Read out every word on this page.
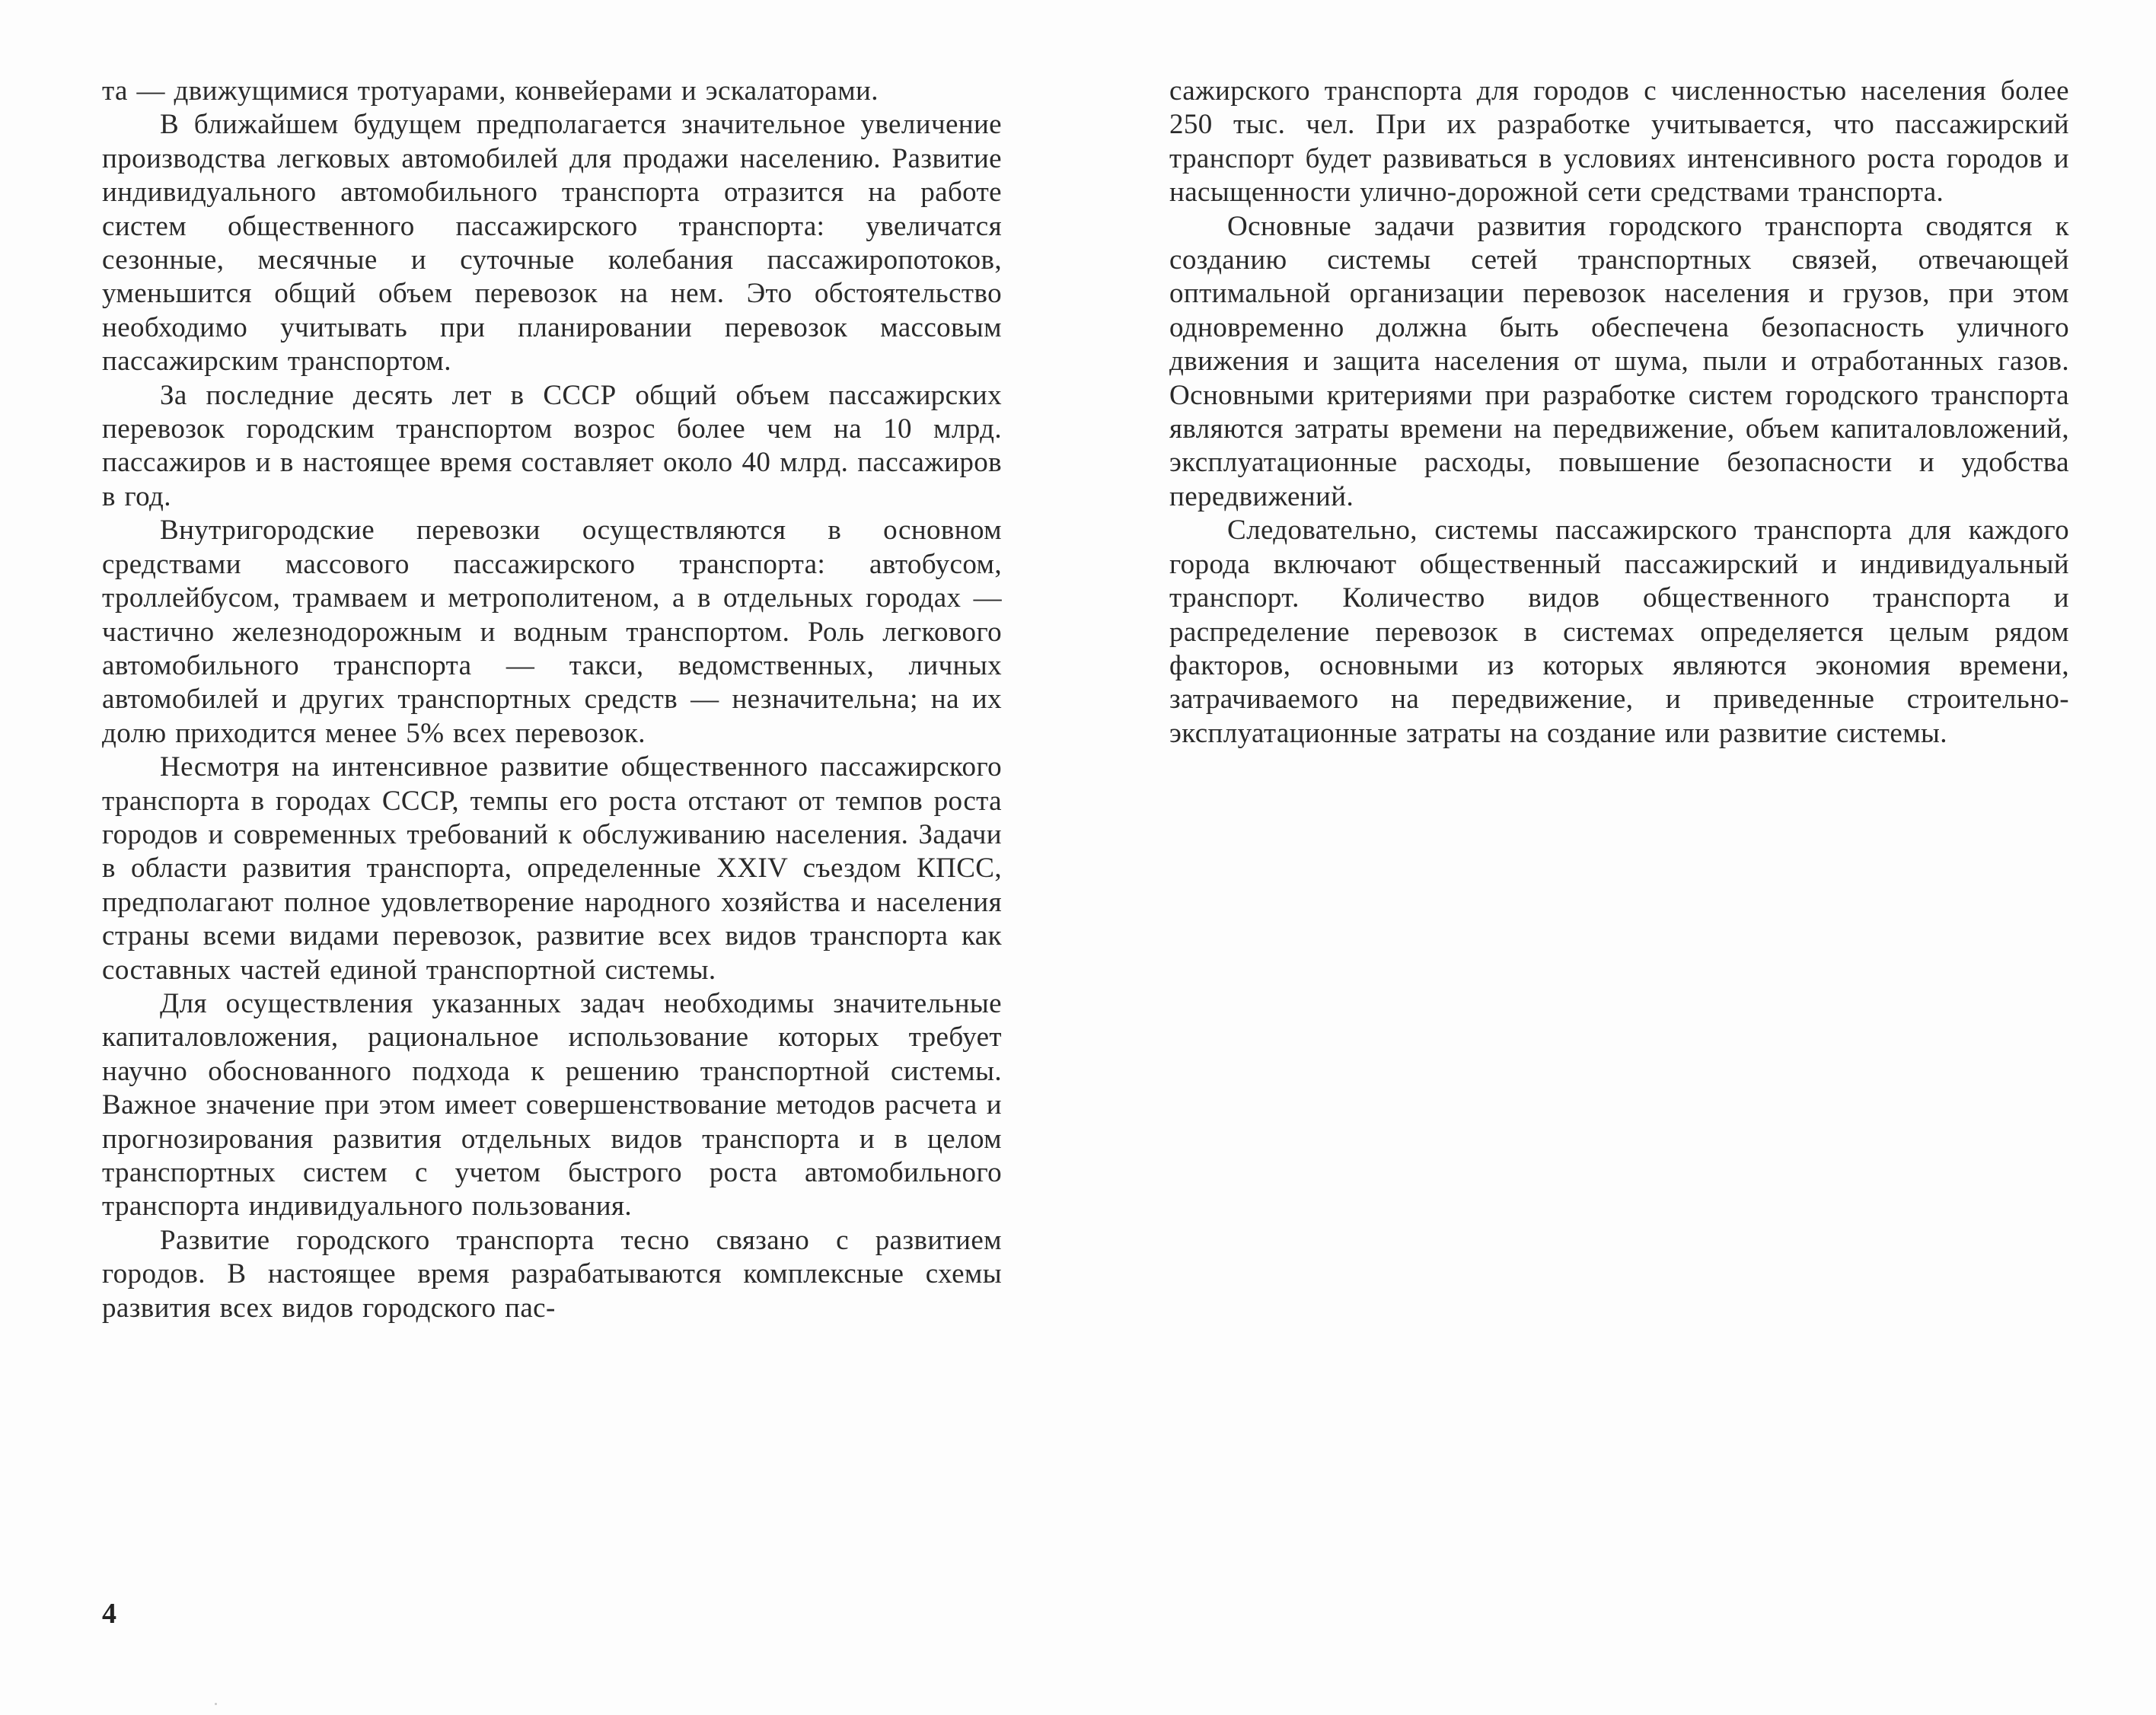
та — движущимися тротуарами, конвейерами и эскалаторами.

В ближайшем будущем предполагается значительное увеличение производства легковых автомобилей для продажи населению. Развитие индивидуального автомобильного транспорта отразится на работе систем общественного пассажирского транспорта: увеличатся сезонные, месячные и суточные колебания пассажиропотоков, уменьшится общий объем перевозок на нем. Это обстоятельство необходимо учитывать при планировании перевозок массовым пассажирским транспортом.

За последние десять лет в СССР общий объем пассажирских перевозок городским транспортом возрос более чем на 10 млрд. пассажиров и в настоящее время составляет около 40 млрд. пассажиров в год.

Внутригородские перевозки осуществляются в основном средствами массового пассажирского транспорта: автобусом, троллейбусом, трамваем и метрополитеном, а в отдельных городах — частично железнодорожным и водным транспортом. Роль легкового автомобильного транспорта — такси, ведомственных, личных автомобилей и других транспортных средств — незначительна; на их долю приходится менее 5% всех перевозок.

Несмотря на интенсивное развитие общественного пассажирского транспорта в городах СССР, темпы его роста отстают от темпов роста городов и современных требований к обслуживанию населения. Задачи в области развития транспорта, определенные XXIV съездом КПСС, предполагают полное удовлетворение народного хозяйства и населения страны всеми видами перевозок, развитие всех видов транспорта как составных частей единой транспортной системы.

Для осуществления указанных задач необходимы значительные капиталовложения, рациональное использование которых требует научно обоснованного подхода к решению транспортной системы. Важное значение при этом имеет совершенствование методов расчета и прогнозирования развития отдельных видов транспорта и в целом транспортных систем с учетом быстрого роста автомобильного транспорта индивидуального пользования.

Развитие городского транспорта тесно связано с развитием городов. В настоящее время разрабатываются комплексные схемы развития всех видов городского пас-

4

сажирского транспорта для городов с численностью населения более 250 тыс. чел. При их разработке учитывается, что пассажирский транспорт будет развиваться в условиях интенсивного роста городов и насыщенности улично-дорожной сети средствами транспорта.

Основные задачи развития городского транспорта сводятся к созданию системы сетей транспортных связей, отвечающей оптимальной организации перевозок населения и грузов, при этом одновременно должна быть обеспечена безопасность уличного движения и защита населения от шума, пыли и отработанных газов. Основными критериями при разработке систем городского транспорта являются затраты времени на передвижение, объем капиталовложений, эксплуатационные расходы, повышение безопасности и удобства передвижений.

Следовательно, системы пассажирского транспорта для каждого города включают общественный пассажирский и индивидуальный транспорт. Количество видов общественного транспорта и распределение перевозок в системах определяется целым рядом факторов, основными из которых являются экономия времени, затрачиваемого на передвижение, и приведенные строительно-эксплуатационные затраты на создание или развитие системы.
